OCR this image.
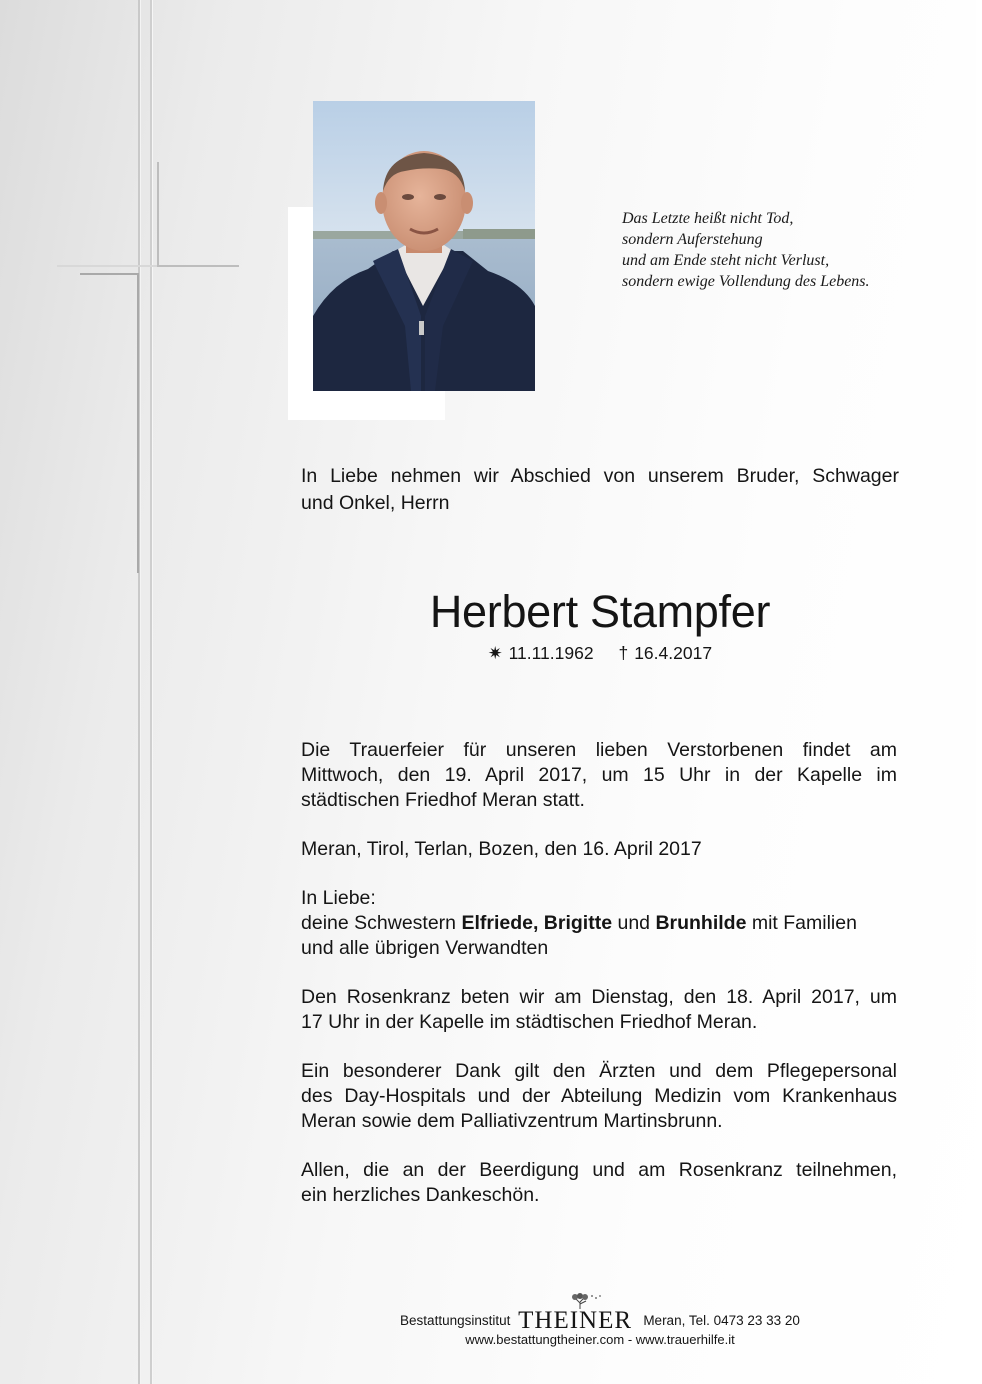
Das Letzte heißt nicht Tod,
sondern Auferstehung
und am Ende steht nicht Verlust,
sondern ewige Vollendung des Lebens.
In Liebe nehmen wir Abschied von unserem Bruder, Schwager
und Onkel, Herrn
Herbert Stampfer
✷ 11.11.1962 † 16.4.2017
Die Trauerfeier für unseren lieben Verstorbenen findet am
Mittwoch, den 19. April 2017, um 15 Uhr in der Kapelle im
städtischen Friedhof Meran statt.
Meran, Tirol, Terlan, Bozen, den 16. April 2017
In Liebe:
deine Schwestern Elfriede, Brigitte und Brunhilde mit Familien
und alle übrigen Verwandten
Den Rosenkranz beten wir am Dienstag, den 18. April 2017, um
17 Uhr in der Kapelle im städtischen Friedhof Meran.
Ein besonderer Dank gilt den Ärzten und dem Pflegepersonal
des Day-Hospitals und der Abteilung Medizin vom Krankenhaus
Meran sowie dem Palliativzentrum Martinsbrunn.
Allen, die an der Beerdigung und am Rosenkranz teilnehmen,
ein herzliches Dankeschön.
Bestattungsinstitut THEINER Meran, Tel. 0473 23 33 20
www.bestattungtheiner.com - www.trauerhilfe.it
